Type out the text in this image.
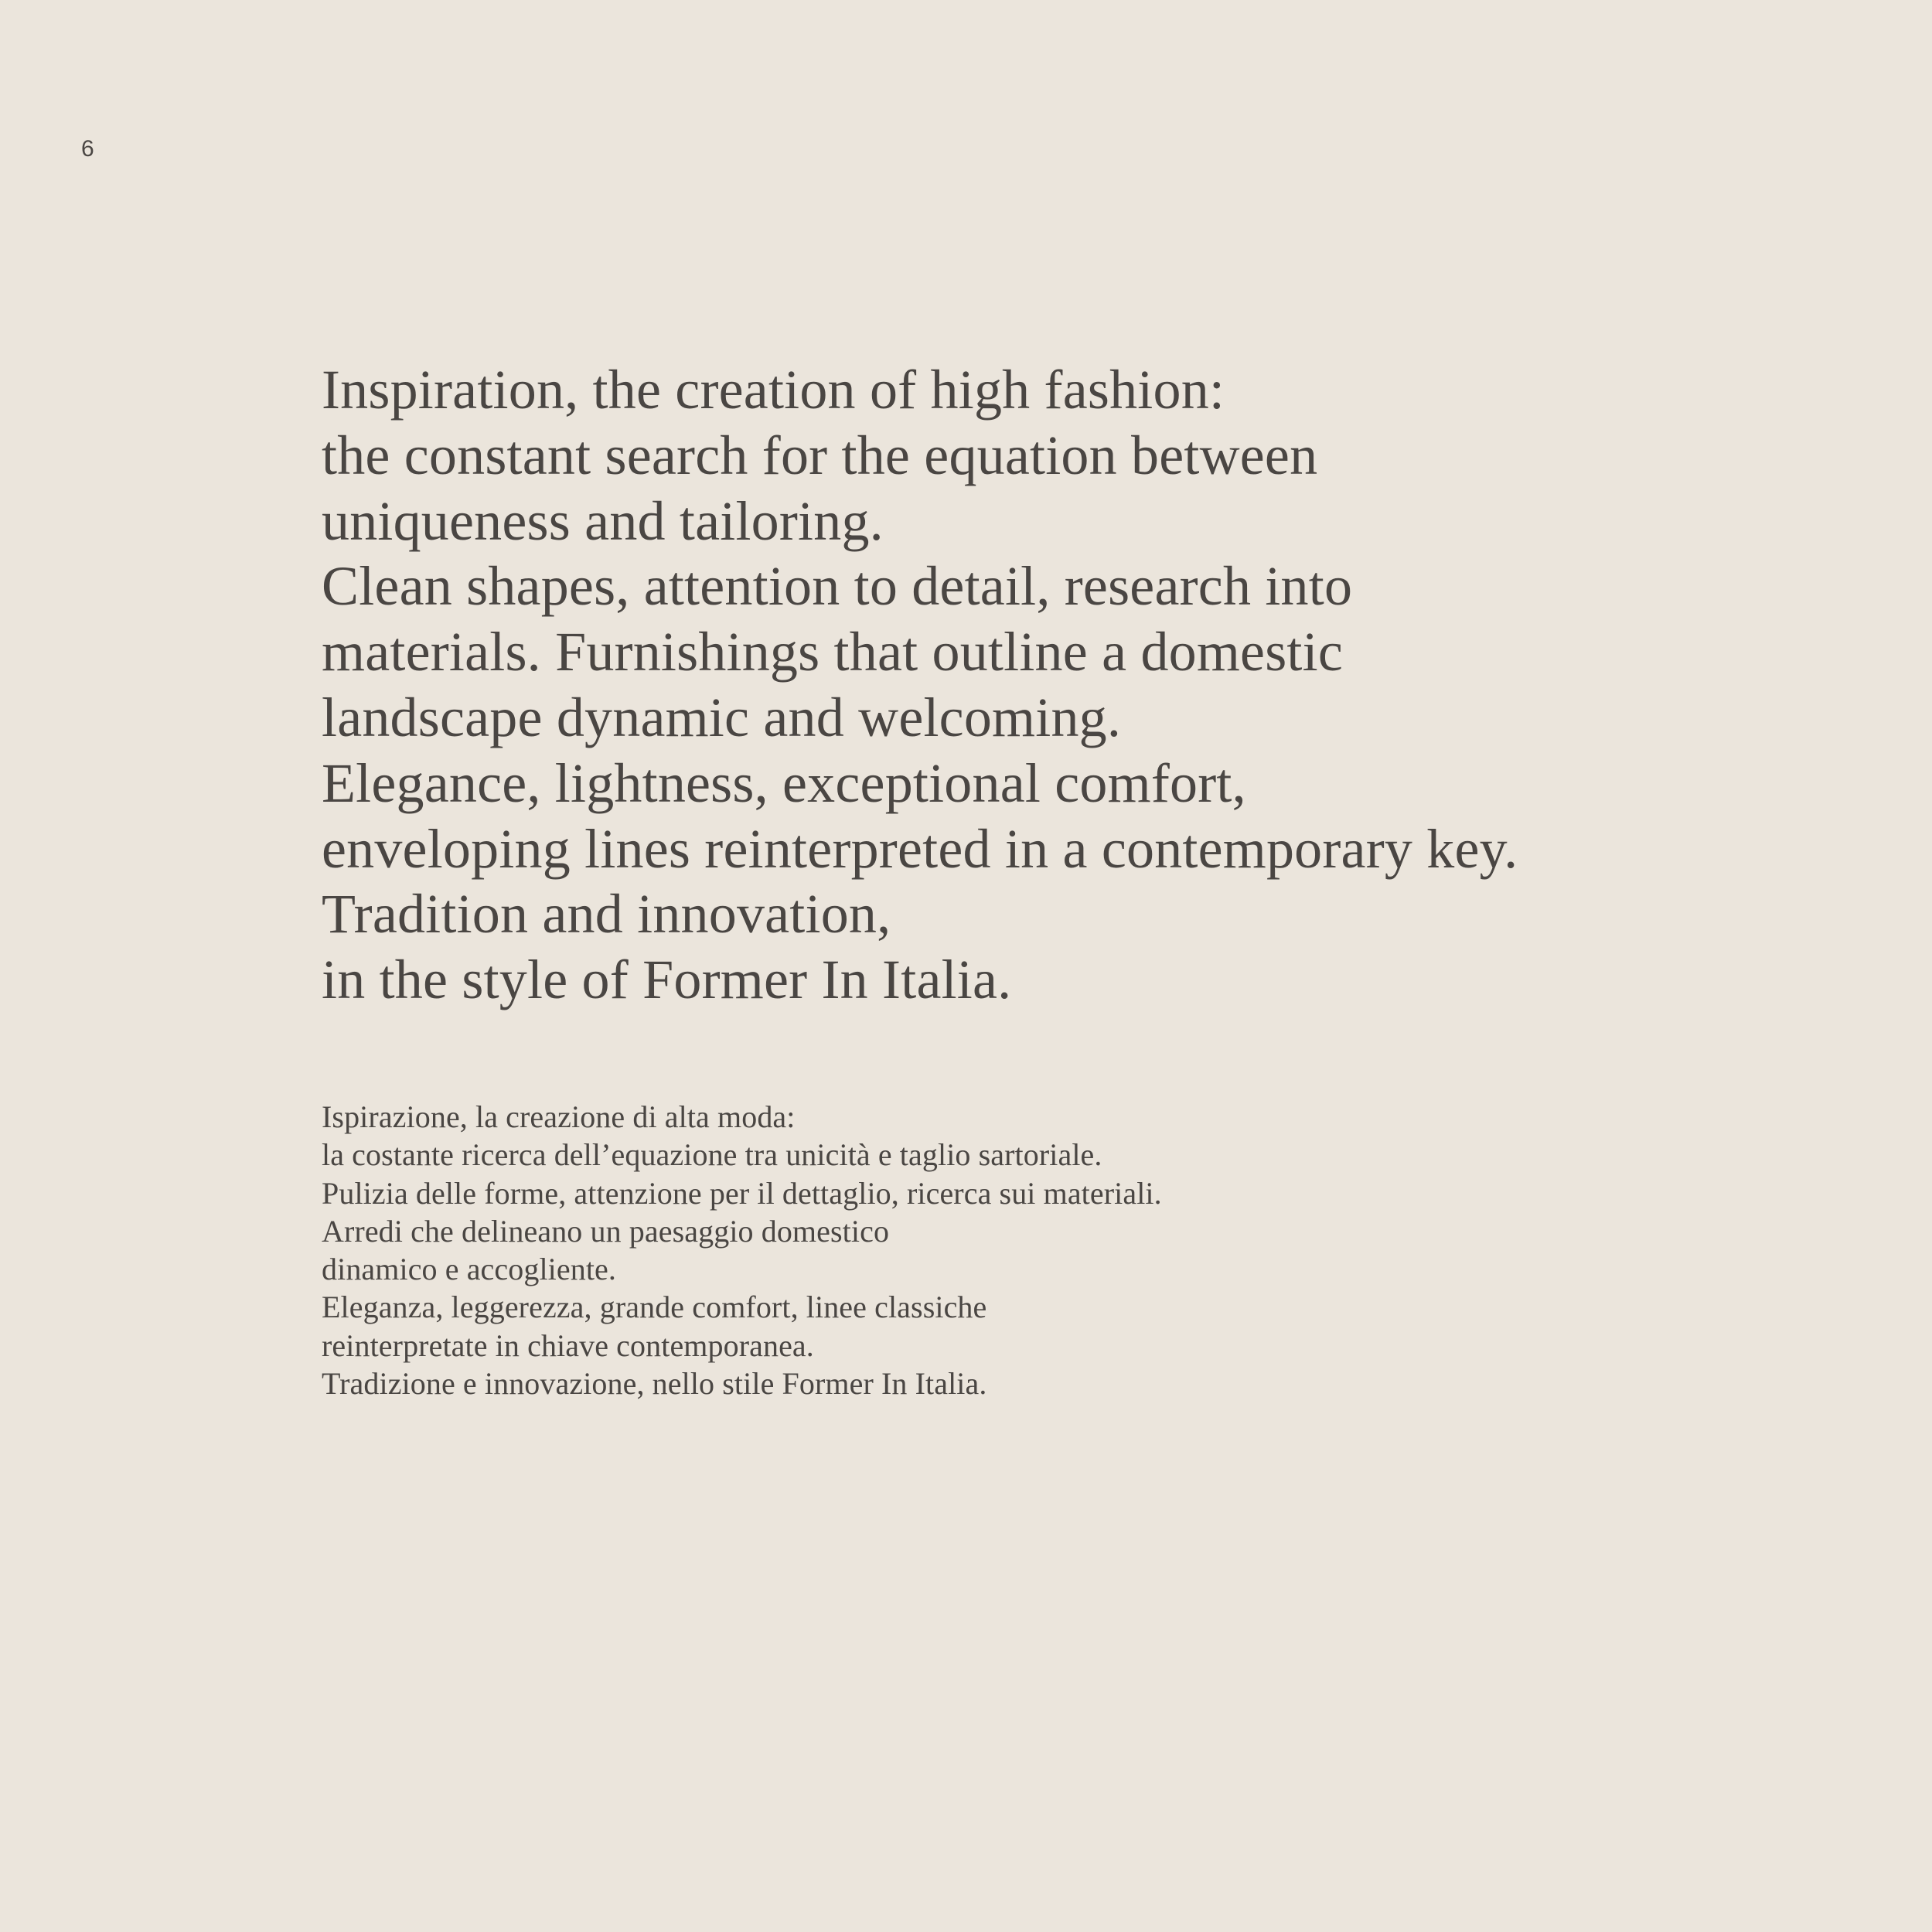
6
Inspiration, the creation of high fashion:
the constant search for the equation between
uniqueness and tailoring.
Clean shapes, attention to detail, research into
materials. Furnishings that outline a domestic
landscape dynamic and welcoming.
Elegance, lightness, exceptional comfort,
enveloping lines reinterpreted in a contemporary key.
Tradition and innovation,
in the style of Former In Italia.
Ispirazione, la creazione di alta moda:
la costante ricerca dell’equazione tra unicità e taglio sartoriale.
Pulizia delle forme, attenzione per il dettaglio, ricerca sui materiali.
Arredi che delineano un paesaggio domestico
dinamico e accogliente.
Eleganza, leggerezza, grande comfort, linee classiche
reinterpretate in chiave contemporanea.
Tradizione e innovazione, nello stile Former In Italia.
